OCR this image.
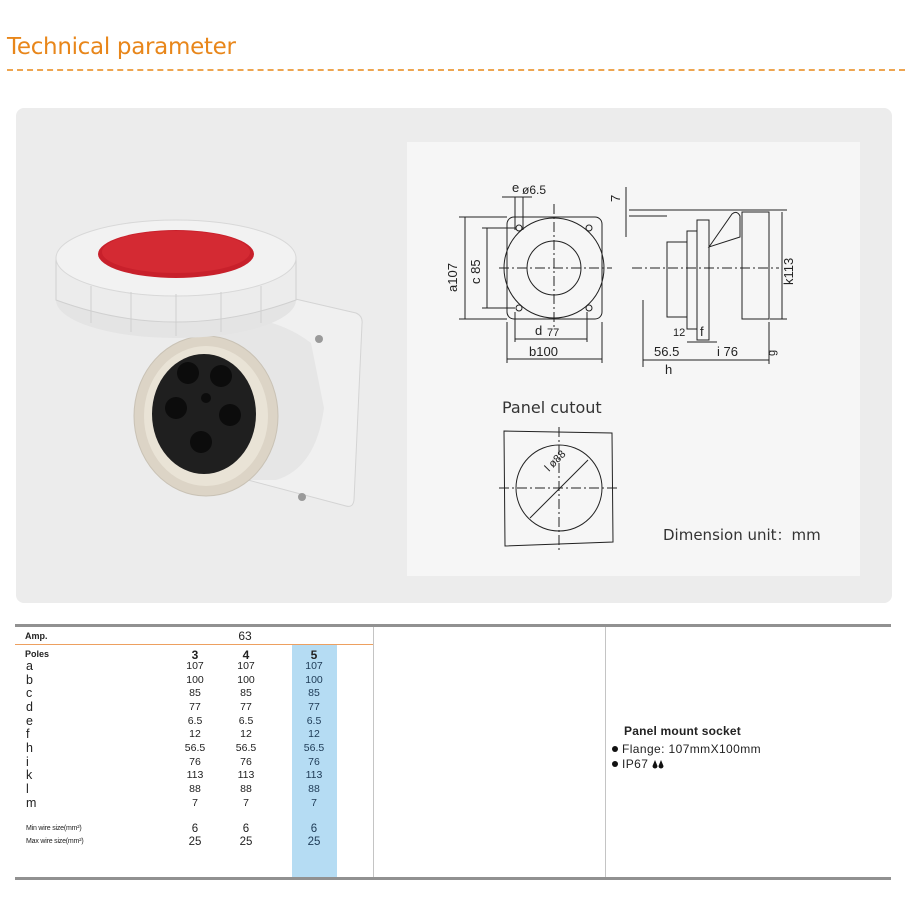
Technical parameter
e ø6.5
a107 c 85
d 77
b100
7
k113
12 f
56.5	i 76	g
h
l ø88
Panel cutout
Dimension unit：mm
Amp.	63
Poles	3	4	5
a	107	107	107
b	100	100	100
c	85	85	85
d	77	77	77
e	6.5	6.5	6.5
f	12	12	12
h	56.5	56.5	56.5
i	76	76	76
k	113	113	113
l	88	88	88
m	7	7	7
Min wire size(mm²)	6	6	6
Max wire size(mm²)	25	25	25
Panel mount socket
Flange: 107mmX100mm
IP67
